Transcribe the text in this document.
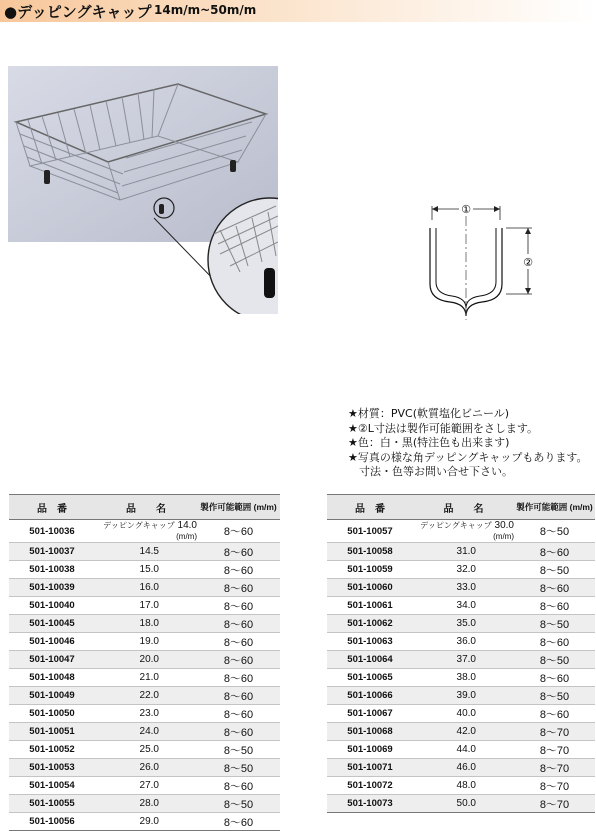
●デッピングキャップ 14m/m~50m/m
①
②
★材質：PVC(軟質塩化ビニール)
★②L寸法は製作可能範囲をさします。
★色：白・黒(特注色も出来ます)
★写真の様な角デッピングキャップもあります。
　寸法・色等お問い合せ下さい。
品　番	品　　名	製作可能範囲 (m/m)
501-10036	デッピングキャップ 14.0 (m/m)	8～60
501-10037	14.5	8～60
501-10038	15.0	8～60
501-10039	16.0	8～60
501-10040	17.0	8～60
501-10045	18.0	8～60
501-10046	19.0	8～60
501-10047	20.0	8～60
501-10048	21.0	8～60
501-10049	22.0	8～60
501-10050	23.0	8～60
501-10051	24.0	8～60
501-10052	25.0	8～50
501-10053	26.0	8～50
501-10054	27.0	8～60
501-10055	28.0	8～50
501-10056	29.0	8～60
品　番	品　　名	製作可能範囲 (m/m)
501-10057	デッピングキャップ 30.0 (m/m)	8～50
501-10058	31.0	8～60
501-10059	32.0	8～50
501-10060	33.0	8～60
501-10061	34.0	8～60
501-10062	35.0	8～50
501-10063	36.0	8～60
501-10064	37.0	8～50
501-10065	38.0	8～60
501-10066	39.0	8～50
501-10067	40.0	8～60
501-10068	42.0	8～70
501-10069	44.0	8～70
501-10071	46.0	8～70
501-10072	48.0	8～70
501-10073	50.0	8～70
